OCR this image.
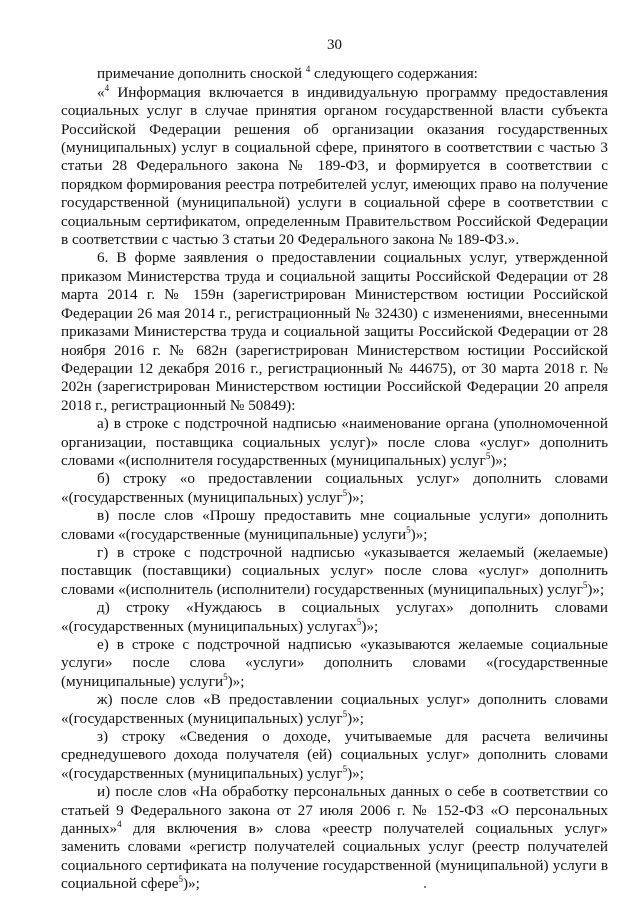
30

примечание дополнить сноской $^4$ следующего содержания:

«$^4$ Информация включается в индивидуальную программу предоставления социальных услуг в случае принятия органом государственной власти субъекта Российской Федерации решения об организации оказания государственных (муниципальных) услуг в социальной сфере, принятого в соответствии с частью 3 статьи 28 Федерального закона № 189-ФЗ, и формируется в соответствии с порядком формирования реестра потребителей услуг, имеющих право на получение государственной (муниципальной) услуги в социальной сфере в соответствии с социальным сертификатом, определенным Правительством Российской Федерации в соответствии с частью 3 статьи 20 Федерального закона № 189-ФЗ.».

6. В форме заявления о предоставлении социальных услуг, утвержденной приказом Министерства труда и социальной защиты Российской Федерации от 28 марта 2014 г. № 159н (зарегистрирован Министерством юстиции Российской Федерации 26 мая 2014 г., регистрационный № 32430) с изменениями, внесенными приказами Министерства труда и социальной защиты Российской Федерации от 28 ноября 2016 г. № 682н (зарегистрирован Министерством юстиции Российской Федерации 12 декабря 2016 г., регистрационный № 44675), от 30 марта 2018 г. № 202н (зарегистрирован Министерством юстиции Российской Федерации 20 апреля 2018 г., регистрационный № 50849):

а) в строке с подстрочной надписью «наименование органа (уполномоченной организации, поставщика социальных услуг)» после слова «услуг» дополнить словами «(исполнителя государственных (муниципальных) услуг$^5$)»;

б) строку «о предоставлении социальных услуг» дополнить словами «(государственных (муниципальных) услуг$^5$)»;

в) после слов «Прошу предоставить мне социальные услуги» дополнить словами «(государственные (муниципальные) услуги$^5$)»;

г) в строке с подстрочной надписью «указывается желаемый (желаемые) поставщик (поставщики) социальных услуг» после слова «услуг» дополнить словами «(исполнитель (исполнители) государственных (муниципальных) услуг$^5$)»;

д) строку «Нуждаюсь в социальных услугах» дополнить словами «(государственных (муниципальных) услугах$^5$)»;

е) в строке с подстрочной надписью «указываются желаемые социальные услуги» после слова «услуги» дополнить словами «(государственные (муниципальные) услуги$^5$)»;

ж) после слов «В предоставлении социальных услуг» дополнить словами «(государственных (муниципальных) услуг$^5$)»;

з) строку «Сведения о доходе, учитываемые для расчета величины среднедушевого дохода получателя (ей) социальных услуг» дополнить словами «(государственных (муниципальных) услуг$^5$)»;

и) после слов «На обработку персональных данных о себе в соответствии со статьей 9 Федерального закона от 27 июля 2006 г. № 152-ФЗ «О персональных данных»$^4$ для включения в» слова «реестр получателей социальных услуг» заменить словами «регистр получателей социальных услуг (реестр получателей социального сертификата на получение государственной (муниципальной) услуги в социальной сфере$^5$)»;
